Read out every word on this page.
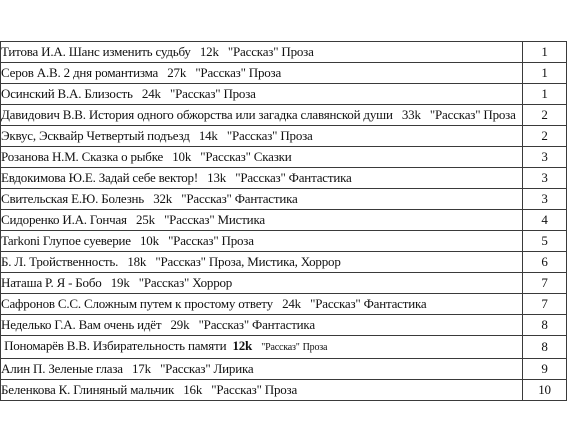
Титова И.А. Шанс изменить судьбу 12k "Рассказ" Проза	1
Серов А.В. 2 дня романтизма 27k "Рассказ" Проза	1
Осинский В.А. Близость 24k "Рассказ" Проза	1
Давидович В.В. История одного обжорства или загадка славянской души 33k "Рассказ" Проза	2
Эквус, Эсквайр Четвертый подъезд 14k "Рассказ" Проза	2
Розанова Н.М. Сказка о рыбке 10k "Рассказ" Сказки	3
Евдокимова Ю.Е. Задай себе вектор! 13k "Рассказ" Фантастика	3
Свительская Е.Ю. Болезнь 32k "Рассказ" Фантастика	3
Сидоренко И.А. Гончая 25k "Рассказ" Мистика	4
Tarkoni Глупое суеверие 10k "Рассказ" Проза	5
Б. Л. Тройственность. 18k "Рассказ" Проза, Мистика, Хоррор	6
Наташа Р. Я - Бобо 19k "Рассказ" Хоррор	7
Сафронов С.С. Сложным путем к простому ответу 24k "Рассказ" Фантастика	7
Неделько Г.А. Вам очень идёт 29k "Рассказ" Фантастика	8
Пономарёв В.В. Избирательность памяти 12k "Рассказ" Проза	8
Алин П. Зеленые глаза 17k "Рассказ" Лирика	9
Беленкова К. Глиняный мальчик 16k "Рассказ" Проза	10
